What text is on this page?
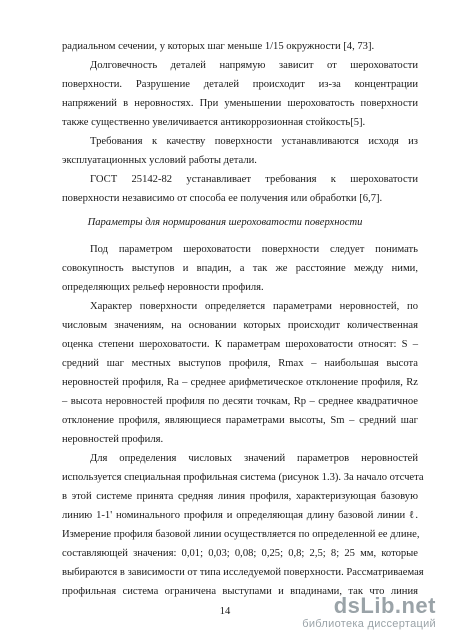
радиальном сечении, у которых шаг меньше 1/15 окружности [4, 73].
Долговечность деталей напрямую зависит от шероховатости
поверхности. Разрушение деталей происходит из-за концентрации
напряжений в неровностях. При уменьшении шероховатость поверхности
также существенно увеличивается антикоррозионная стойкость[5].
Требования к качеству поверхности устанавливаются исходя из
эксплуатационных условий работы детали.
ГОСТ 25142-82 устанавливает требования к шероховатости
поверхности независимо от способа ее получения или обработки [6,7].
Параметры для нормирования шероховатости поверхности
Под параметром шероховатости поверхности следует понимать
совокупность выступов и впадин, а так же расстояние между ними,
определяющих рельеф неровности профиля.
Характер поверхности определяется параметрами неровностей, по
числовым значениям, на основании которых происходит количественная
оценка степени шероховатости. К параметрам шероховатости относят: S –
средний шаг местных выступов профиля, Rmax – наибольшая высота
неровностей профиля, Ra – среднее арифметическое отклонение профиля, Rz
– высота неровностей профиля по десяти точкам, Rp – среднее квадратичное
отклонение профиля, являющиеся параметрами высоты, Sm – средний шаг
неровностей профиля.
Для определения числовых значений параметров неровностей
используется специальная профильная система (рисунок 1.3). За начало отсчета
в этой системе принята средняя линия профиля, характеризующая базовую
линию 1-1' номинального профиля и определяющая длину базовой линии ℓ.
Измерение профиля базовой линии осуществляется по определенной ее длине,
составляющей значения: 0,01; 0,03; 0,08; 0,25; 0,8; 2,5; 8; 25 мм, которые
выбираются в зависимости от типа исследуемой поверхности. Рассматриваемая
профильная система ограничена выступами и впадинами, так что линия
14	dsLib.net
библиотека диссертаций
